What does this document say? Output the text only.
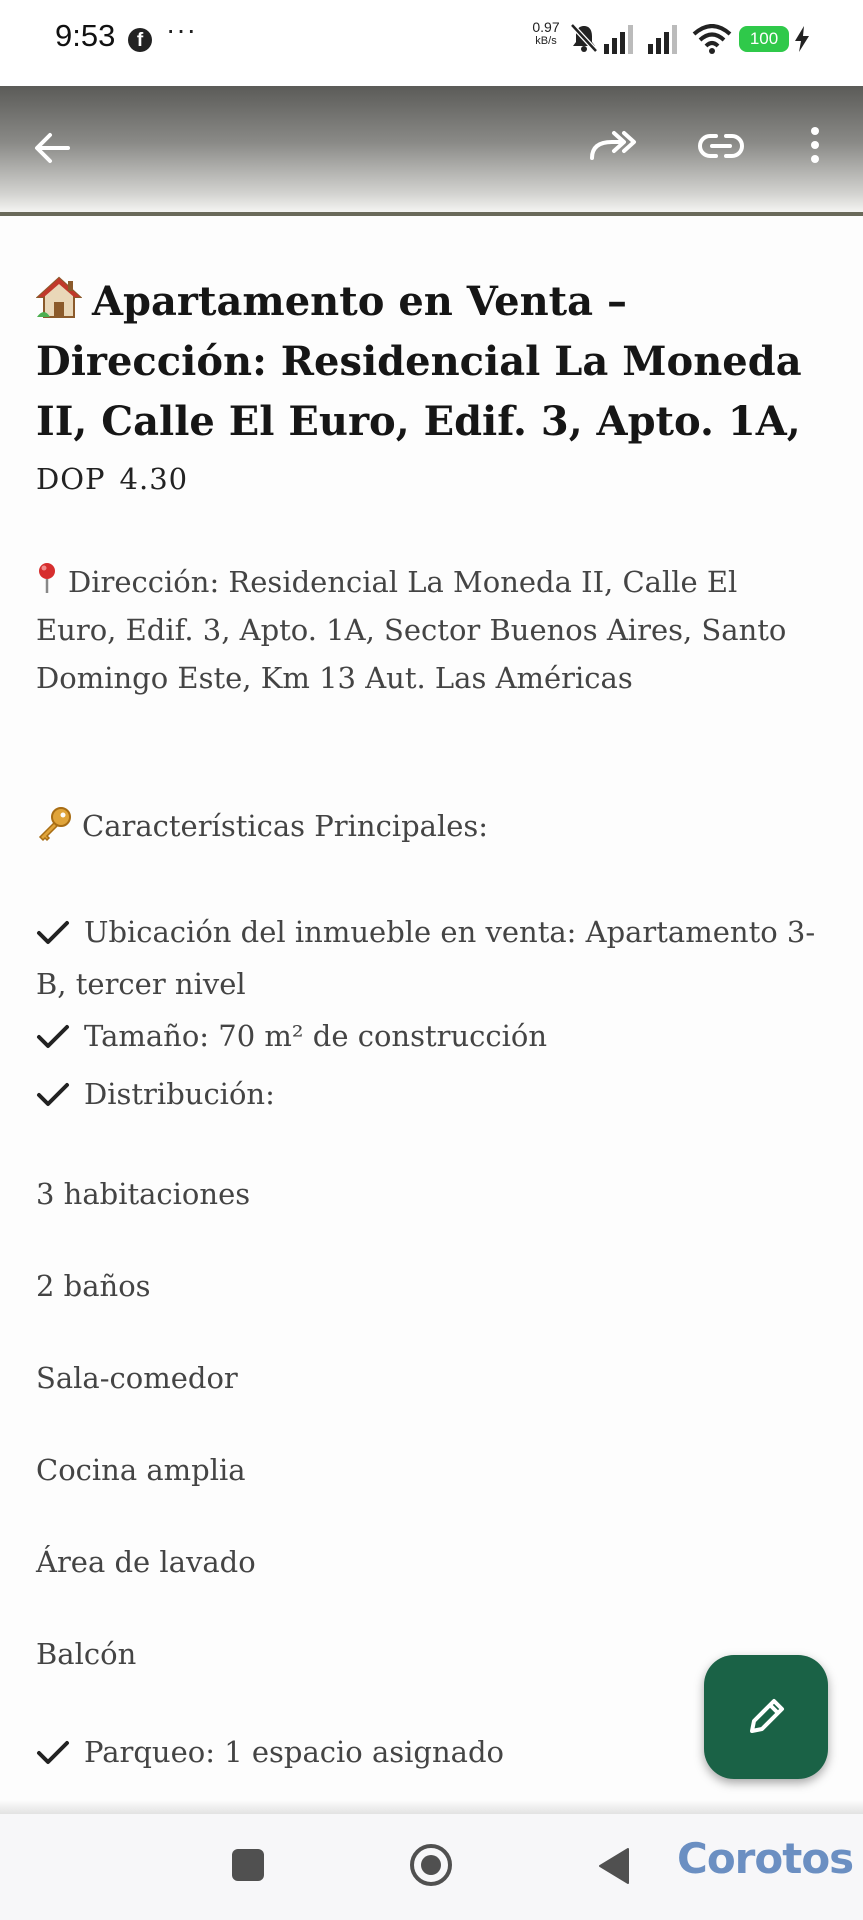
9:53	f ···	0.97
kB/s	100
Apartamento en Venta – Dirección: Residencial La Moneda II, Calle El Euro, Edif. 3, Apto. 1A,
DOP 4.30

Dirección: Residencial La Moneda II, Calle El Euro, Edif. 3, Apto. 1A, Sector Buenos Aires, Santo Domingo Este, Km 13 Aut. Las Américas

Características Principales:

Ubicación del inmueble en venta: Apartamento 3-B, tercer nivel

Tamaño: 70 m² de construcción

Distribución:

3 habitaciones

2 baños

Sala-comedor

Cocina amplia

Área de lavado

Balcón

Parqueo: 1 espacio asignado

Corotos
